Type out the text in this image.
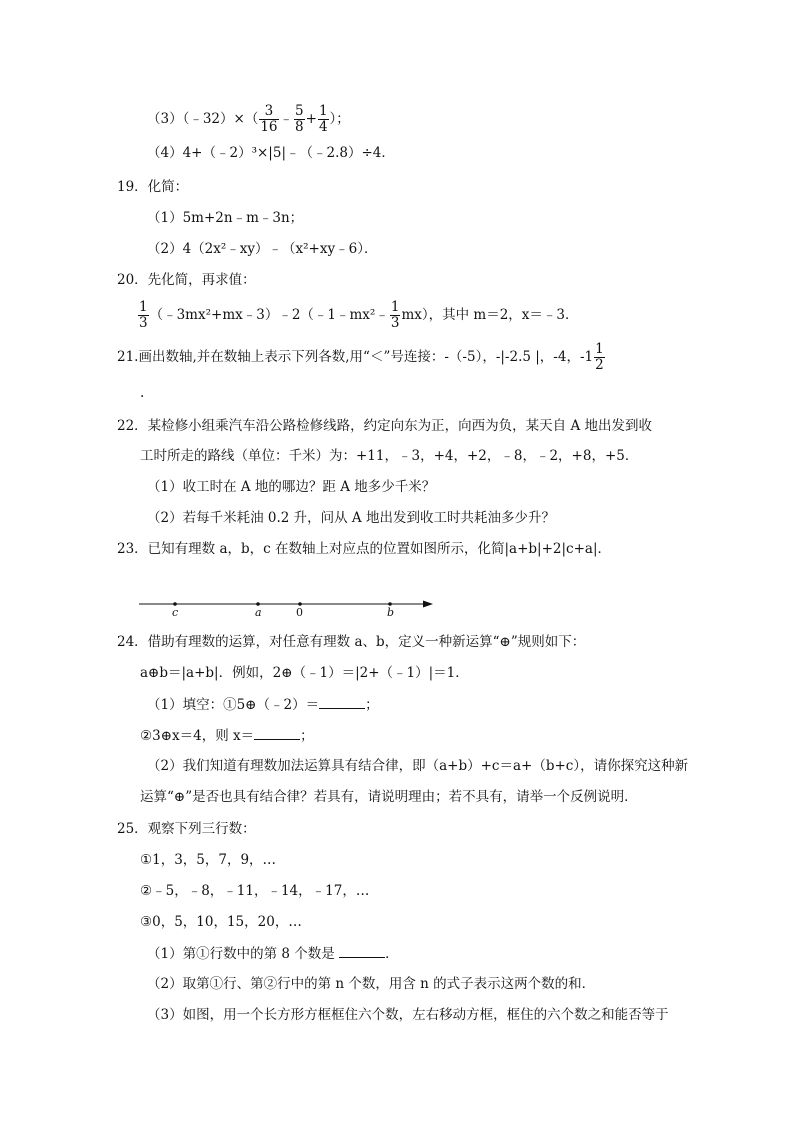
（3）（﹣32）×（ $\frac{3}{16}$ ﹣ $\frac{5}{8} + \frac{1}{4}$ ）；
（4）4+（﹣2）³×|5|﹣（﹣2.8）÷4．
19．化简：
（1）5m+2n﹣m﹣3n；
（2）4（2x²﹣xy）﹣（x²+xy﹣6）．
20．先化简，再求值：
$\frac{1}{3}$ （﹣3mx²+mx﹣3）﹣2（﹣1﹣mx²﹣ $\frac{1}{3} mx$），其中 m＝2，x＝﹣3．
21.画出数轴,并在数轴上表示下列各数,用“＜”号连接：-（-5），-|-2.5 |，-4，$-1 \frac{1}{2}$
.
22．某检修小组乘汽车沿公路检修线路，约定向东为正，向西为负，某天自 A 地出发到收
工时所走的路线（单位：千米）为：+11，﹣3，+4，+2，﹣8，﹣2，+8，+5．
（1）收工时在 A 地的哪边？距 A 地多少千米？
（2）若每千米耗油 0.2 升，问从 A 地出发到收工时共耗油多少升？
23．已知有理数 a，b，c 在数轴上对应点的位置如图所示，化简|a+b|+2|c+a|．
c	a	0	b
24．借助有理数的运算，对任意有理数 a、b，定义一种新运算“⊕”规则如下：
a⊕b＝|a+b|．例如，2⊕（﹣1）＝|2+（﹣1）|＝1．
（1）填空：①5⊕（﹣2）＝	；
②3⊕x＝4，则 x＝	；
（2）我们知道有理数加法运算具有结合律，即（a+b）+c＝a+（b+c），请你探究这种新
运算“⊕”是否也具有结合律？若具有，请说明理由；若不具有，请举一个反例说明．
25．观察下列三行数：
①1，3，5，7，9，…
②﹣5，﹣8，﹣11，﹣14，﹣17，…
③0，5，10，15，20，…
（1）第①行数中的第 8 个数是	．
（2）取第①行、第②行中的第 n 个数，用含 n 的式子表示这两个数的和．
（3）如图，用一个长方形方框框住六个数，左右移动方框，框住的六个数之和能否等于
